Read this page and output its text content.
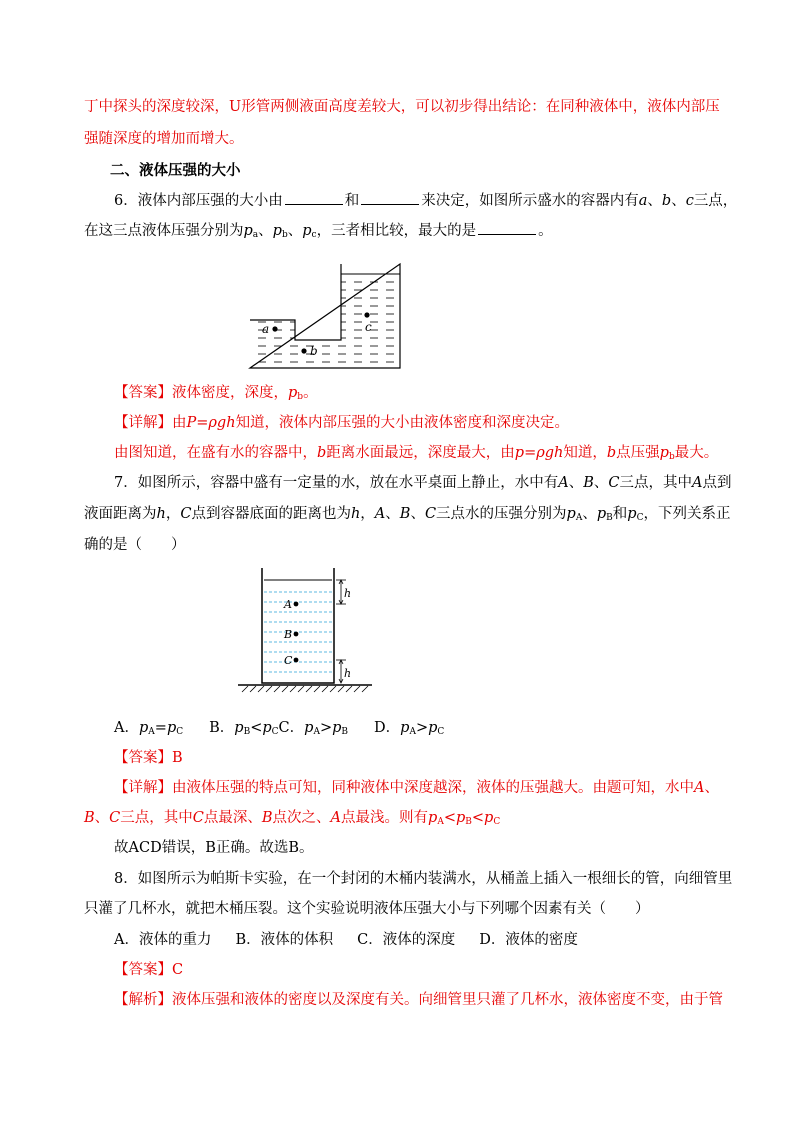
丁中探头的深度较深，U形管两侧液面高度差较大，可以初步得出结论：在同种液体中，液体内部压
强随深度的增加而增大。
二、液体压强的大小
6．液体内部压强的大小由	和	来决定，如图所示盛水的容器内有a、b、c三点，
在这三点液体压强分别为$p_a$、$p_b$、$p_c$，三者相比较，最大的是	。
a
b
c
【答案】液体密度，深度，$p_b$。
【详解】由P=ρgh知道，液体内部压强的大小由液体密度和深度决定。
由图知道，在盛有水的容器中，b距离水面最远，深度最大，由p=ρgh知道，b点压强$p_b$最大。
7．如图所示，容器中盛有一定量的水，放在水平桌面上静止，水中有A、B、C三点，其中A点到
液面距离为h，C点到容器底面的距离也为h，A、B、C三点水的压强分别为$p_A$、$p_B$和$p_C$，下列关系正
确的是（　　）
A
B
C
h
h
A．$p_A=p_C$ B．$p_B<p_CC$．$p_A>p_B$ D．$p_A>p_C$
【答案】B
【详解】由液体压强的特点可知，同种液体中深度越深，液体的压强越大。由题可知，水中A、
B、C三点，其中C点最深、B点次之、A点最浅。则有$p_A<p_B<p_C$
故ACD错误，B正确。故选B。
8．如图所示为帕斯卡实验，在一个封闭的木桶内装满水，从桶盖上插入一根细长的管，向细管里
只灌了几杯水，就把木桶压裂。这个实验说明液体压强大小与下列哪个因素有关（　　）
A．液体的重力 B．液体的体积 C．液体的深度 D．液体的密度
【答案】C
【解析】液体压强和液体的密度以及深度有关。向细管里只灌了几杯水，液体密度不变，由于管
